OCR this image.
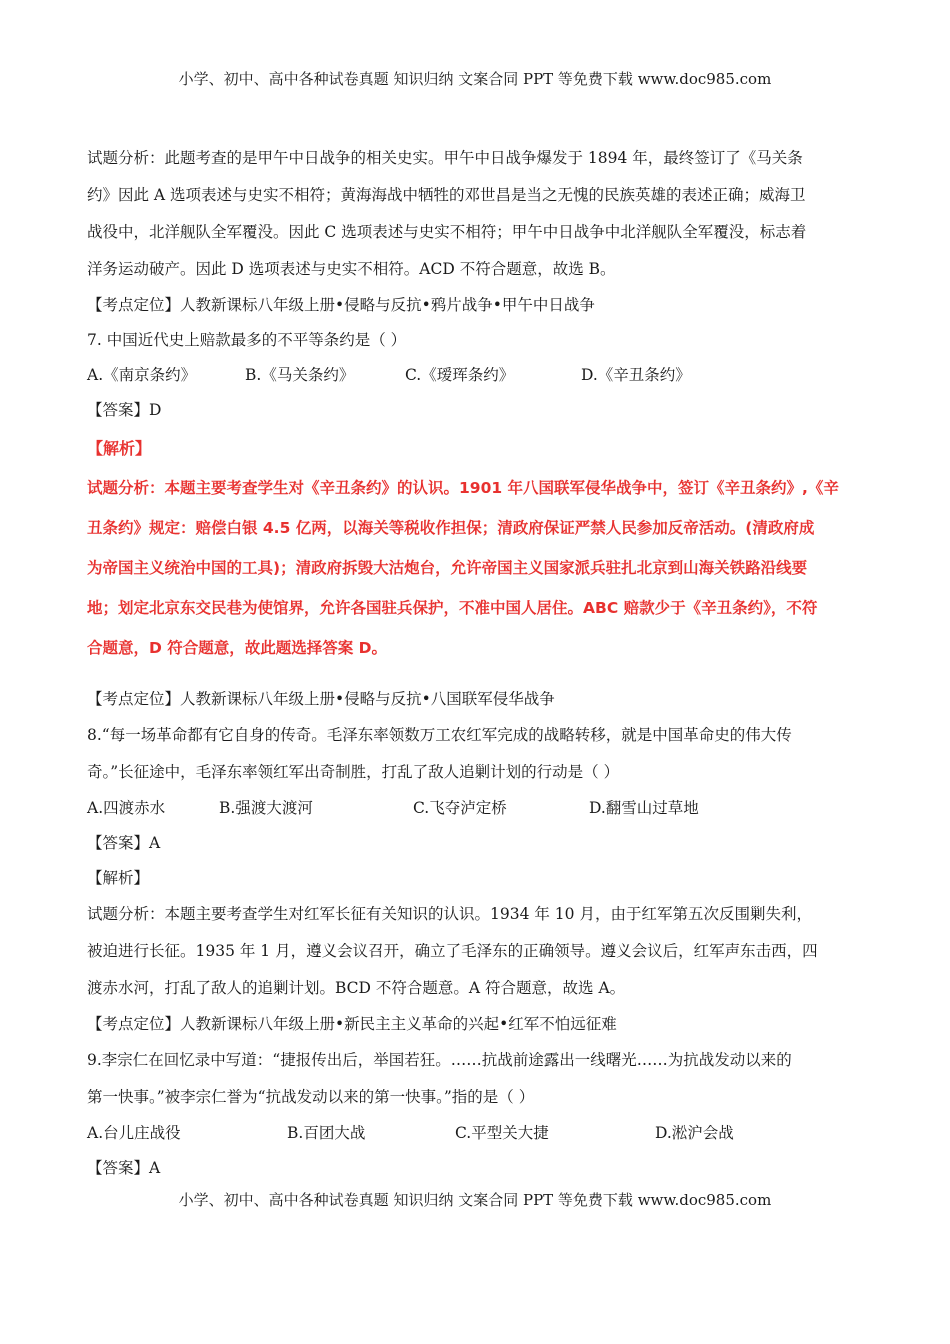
小学、初中、高中各种试卷真题 知识归纳 文案合同 PPT 等免费下载 www.doc985.com

试题分析：此题考查的是甲午中日战争的相关史实。甲午中日战争爆发于 1894 年，最终签订了《马关条

约》因此 A 选项表述与史实不相符；黄海海战中牺牲的邓世昌是当之无愧的民族英雄的表述正确；威海卫

战役中，北洋舰队全军覆没。因此 C 选项表述与史实不相符；甲午中日战争中北洋舰队全军覆没，标志着

洋务运动破产。因此 D 选项表述与史实不相符。ACD 不符合题意，故选 B。

【考点定位】人教新课标八年级上册•侵略与反抗•鸦片战争•甲午中日战争
7. 中国近代史上赔款最多的不平等条约是（ ）
A.《南京条约》	B.《马关条约》	C.《瑷珲条约》	D.《辛丑条约》
【答案】D
【解析】

试题分析：本题主要考查学生对《辛丑条约》的认识。1901 年八国联军侵华战争中，签订《辛丑条约》,《辛

丑条约》规定：赔偿白银 4.5 亿两，以海关等税收作担保；清政府保证严禁人民参加反帝活动。(清政府成

为帝国主义统治中国的工具)；清政府拆毁大沽炮台，允许帝国主义国家派兵驻扎北京到山海关铁路沿线要

地；划定北京东交民巷为使馆界，允许各国驻兵保护，不准中国人居住。ABC 赔款少于《辛丑条约》，不符

合题意，D 符合题意，故此题选择答案 D。

【考点定位】人教新课标八年级上册•侵略与反抗•八国联军侵华战争

8.“每一场革命都有它自身的传奇。毛泽东率领数万工农红军完成的战略转移，就是中国革命史的伟大传

奇。”长征途中，毛泽东率领红军出奇制胜，打乱了敌人追剿计划的行动是（ ）

A.四渡赤水	B.强渡大渡河	C.飞夺泸定桥	D.翻雪山过草地
【答案】A
【解析】

试题分析：本题主要考查学生对红军长征有关知识的认识。1934 年 10 月，由于红军第五次反围剿失利，

被迫进行长征。1935 年 1 月，遵义会议召开，确立了毛泽东的正确领导。遵义会议后，红军声东击西，四

渡赤水河，打乱了敌人的追剿计划。BCD 不符合题意。A 符合题意，故选 A。

【考点定位】人教新课标八年级上册•新民主主义革命的兴起•红军不怕远征难

9.李宗仁在回忆录中写道：“捷报传出后，举国若狂。……抗战前途露出一线曙光……为抗战发动以来的

第一快事。”被李宗仁誉为“抗战发动以来的第一快事。”指的是（ ）

A.台儿庄战役	B.百团大战	C.平型关大捷	D.淞沪会战
【答案】A
小学、初中、高中各种试卷真题 知识归纳 文案合同 PPT 等免费下载 www.doc985.com
